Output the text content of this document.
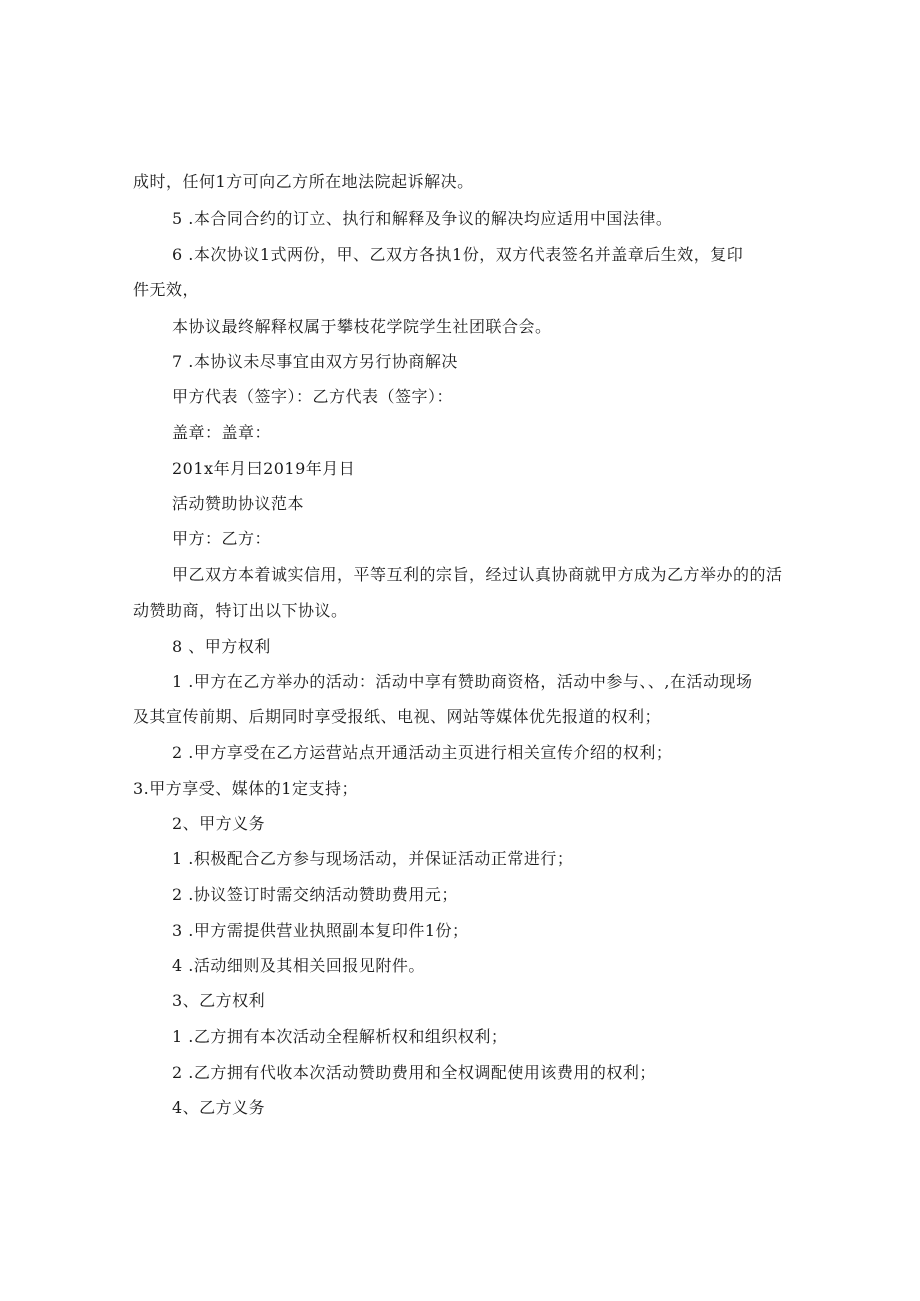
成时，任何1方可向乙方所在地法院起诉解决。
5 .本合同合约的订立、执行和解释及争议的解决均应适用中国法律。
6 .本次协议1式两份，甲、乙双方各执1份，双方代表签名并盖章后生效，复印
件无效，
本协议最终解释权属于攀枝花学院学生社团联合会。
7 .本协议未尽事宜由双方另行协商解决
甲方代表（签字）：乙方代表（签字）：
盖章：盖章：
201x年月曰2019年月日
活动赞助协议范本
甲方：乙方：
甲乙双方本着诚实信用，平等互利的宗旨，经过认真协商就甲方成为乙方举办的的活
动赞助商，特订出以下协议。
8 、甲方权利
1 .甲方在乙方举办的活动：活动中享有赞助商资格，活动中参与、、,在活动现场
及其宣传前期、后期同时享受报纸、电视、网站等媒体优先报道的权利；
2 .甲方享受在乙方运营站点开通活动主页进行相关宣传介绍的权利；
3.甲方享受、媒体的1定支持；
2、甲方义务
1 .积极配合乙方参与现场活动，并保证活动正常进行；
2 .协议签订时需交纳活动赞助费用元；
3 .甲方需提供营业执照副本复印件1份；
4 .活动细则及其相关回报见附件。
3、乙方权利
1 .乙方拥有本次活动全程解析权和组织权利；
2 .乙方拥有代收本次活动赞助费用和全权调配使用该费用的权利；
4、乙方义务
